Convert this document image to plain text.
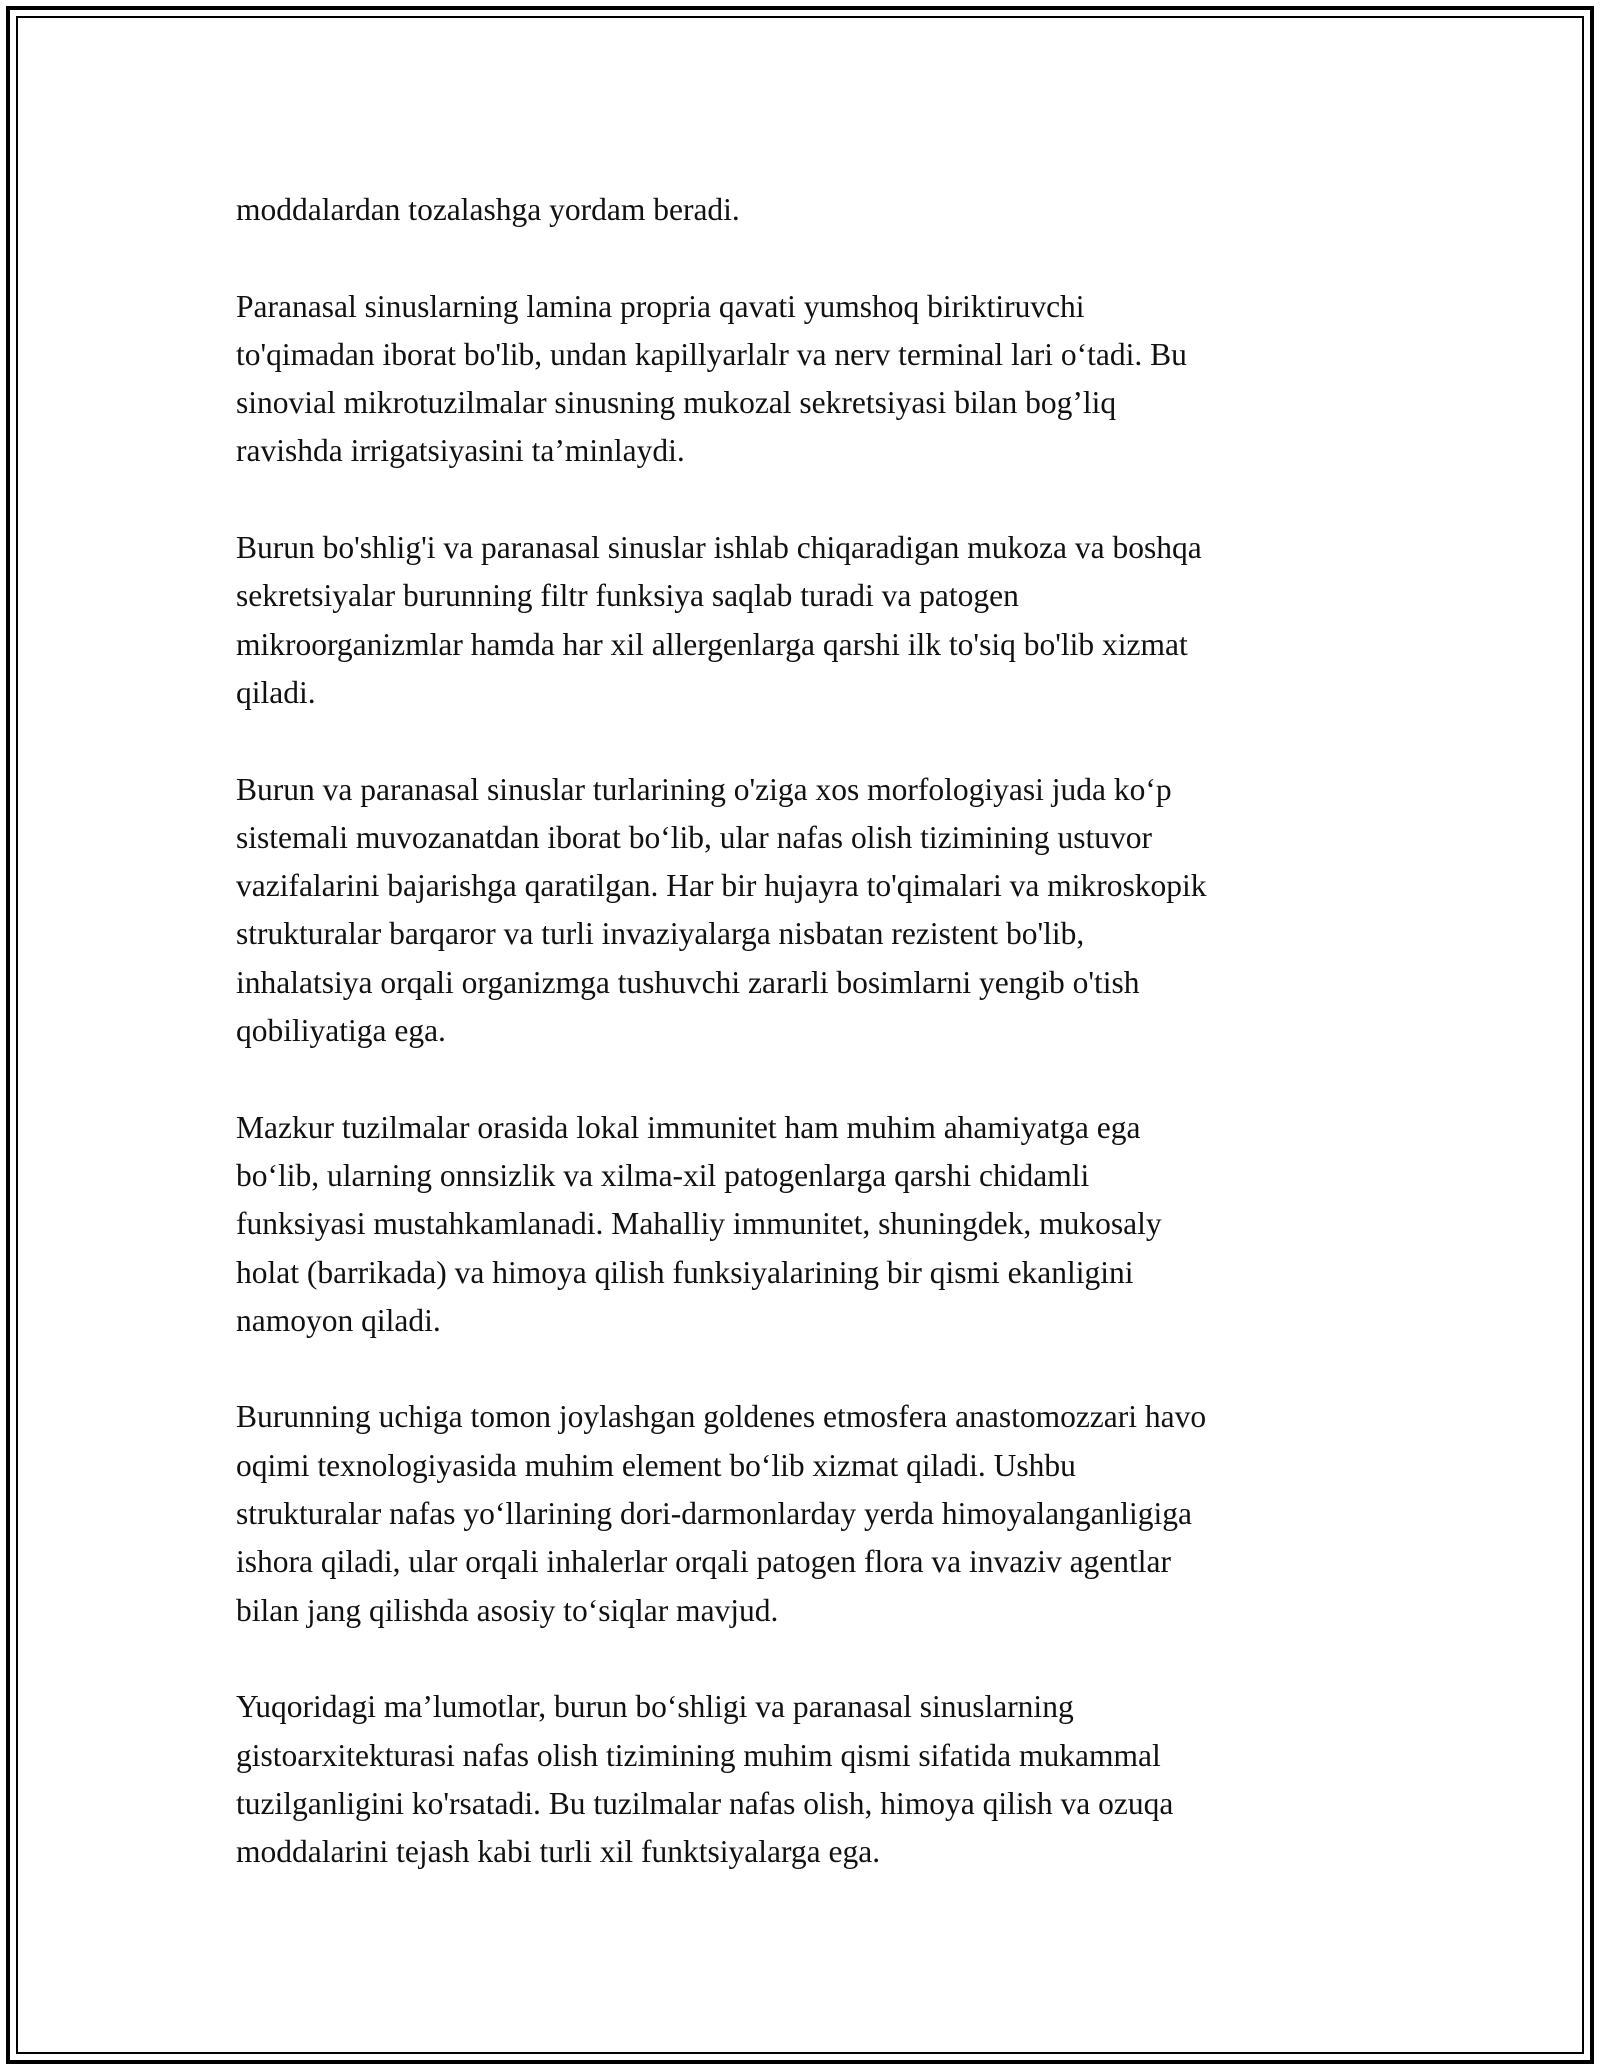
moddalardan tozalashga yordam beradi.

Paranasal sinuslarning lamina propria qavati yumshoq biriktiruvchi
to'qimadan iborat bo'lib, undan kapillyarlalr va nerv terminal lari o‘tadi. Bu
sinovial mikrotuzilmalar sinusning mukozal sekretsiyasi bilan bog’liq
ravishda irrigatsiyasini ta’minlaydi.

Burun bo'shlig'i va paranasal sinuslar ishlab chiqaradigan mukoza va boshqa
sekretsiyalar burunning filtr funksiya saqlab turadi va patogen
mikroorganizmlar hamda har xil allergenlarga qarshi ilk to'siq bo'lib xizmat
qiladi.

Burun va paranasal sinuslar turlarining o'ziga xos morfologiyasi juda ko‘p
sistemali muvozanatdan iborat bo‘lib, ular nafas olish tizimining ustuvor
vazifalarini bajarishga qaratilgan. Har bir hujayra to'qimalari va mikroskopik
strukturalar barqaror va turli invaziyalarga nisbatan rezistent bo'lib,
inhalatsiya orqali organizmga tushuvchi zararli bosimlarni yengib o'tish
qobiliyatiga ega.

Mazkur tuzilmalar orasida lokal immunitet ham muhim ahamiyatga ega
bo‘lib, ularning onnsizlik va xilma-xil patogenlarga qarshi chidamli
funksiyasi mustahkamlanadi. Mahalliy immunitet, shuningdek, mukosaly
holat (barrikada) va himoya qilish funksiyalarining bir qismi ekanligini
namoyon qiladi.

Burunning uchiga tomon joylashgan goldenes etmosfera anastomozzari havo
oqimi texnologiyasida muhim element bo‘lib xizmat qiladi. Ushbu
strukturalar nafas yo‘llarining dori-darmonlarday yerda himoyalanganligiga
ishora qiladi, ular orqali inhalerlar orqali patogen flora va invaziv agentlar
bilan jang qilishda asosiy to‘siqlar mavjud.

Yuqoridagi ma’lumotlar, burun bo‘shligi va paranasal sinuslarning
gistoarxitekturasi nafas olish tizimining muhim qismi sifatida mukammal
tuzilganligini ko'rsatadi. Bu tuzilmalar nafas olish, himoya qilish va ozuqa
moddalarini tejash kabi turli xil funktsiyalarga ega.
